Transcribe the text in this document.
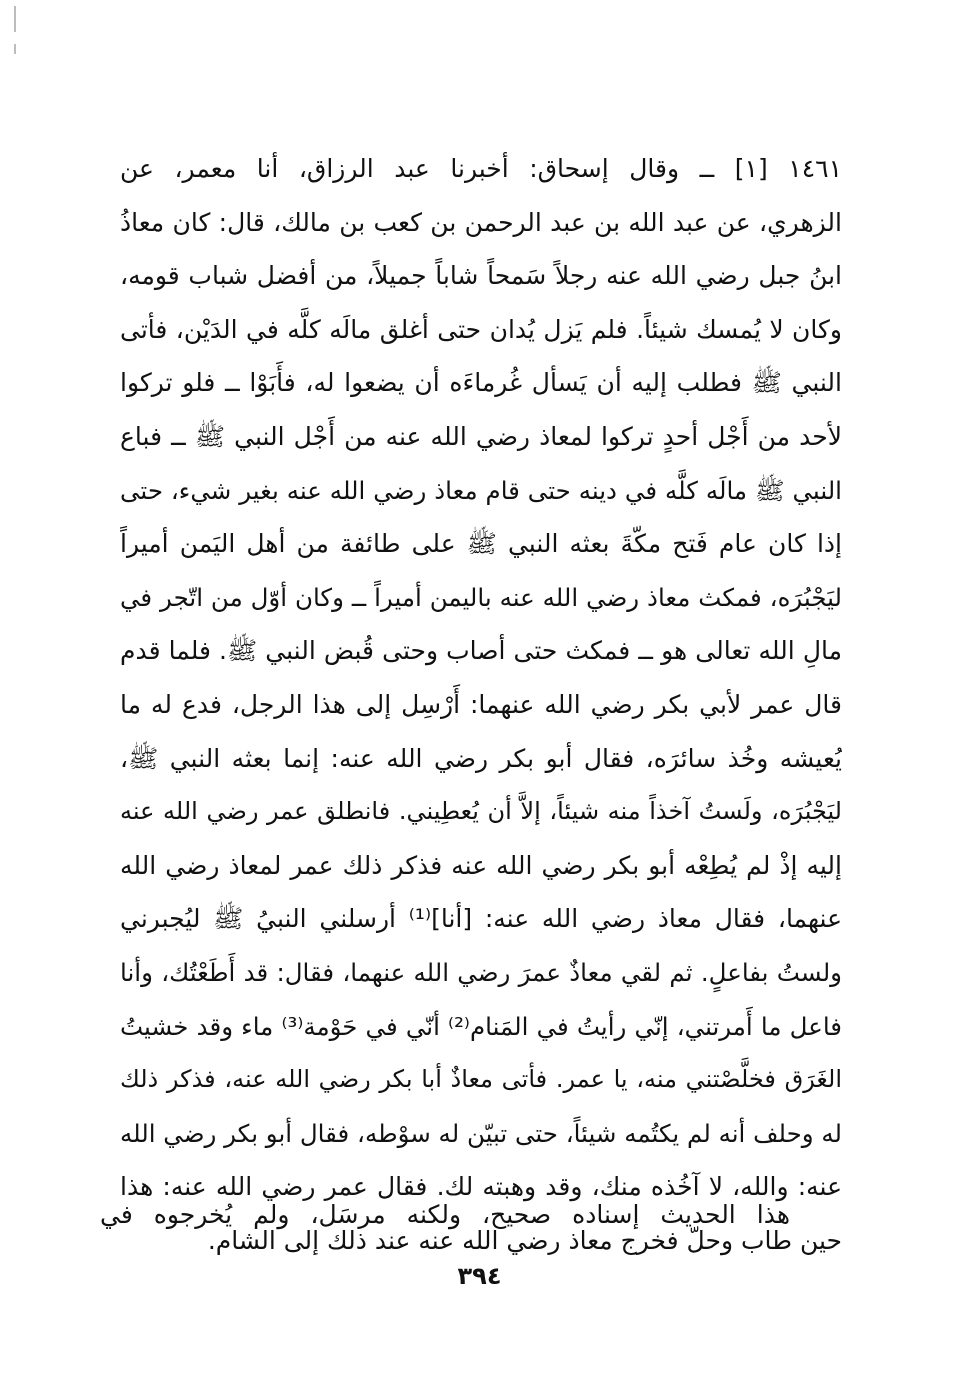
١٤٦١ [١] ــ وقال إسحاق: أخبرنا عبد الرزاق، أنا معمر، عن
الزهري، عن عبد الله بن عبد الرحمن بن كعب بن مالك، قال: كان معاذُ
ابنُ جبل رضي الله عنه رجلاً سَمحاً شاباً جميلاً، من أفضل شباب قومه،
وكان لا يُمسك شيئاً. فلم يَزل يُدان حتى أغلق مالَه كلَّه في الدَيْن، فأتى
النبي ﷺ فطلب إليه أن يَسأل غُرماءَه أن يضعوا له، فأَبَوْا ــ فلو تركوا
لأحد من أَجْل أحدٍ تركوا لمعاذ رضي الله عنه من أَجْل النبي ﷺ ــ فباع
النبي ﷺ مالَه كلَّه في دينه حتى قام معاذ رضي الله عنه بغير شيء، حتى
إذا كان عام فَتح مكّةَ بعثه النبي ﷺ على طائفة من أهل اليَمن أميراً
ليَجْبُرَه، فمكث معاذ رضي الله عنه باليمن أميراً ــ وكان أوّل من اتّجر في
مالِ الله تعالى هو ــ فمكث حتى أصاب وحتى قُبض النبي ﷺ. فلما قدم
قال عمر لأبي بكر رضي الله عنهما: أَرْسِل إلى هذا الرجل، فدع له ما
يُعيشه وخُذ سائرَه، فقال أبو بكر رضي الله عنه: إنما بعثه النبي ﷺ،
ليَجْبُرَه، ولَستُ آخذاً منه شيئاً، إلاَّ أن يُعطِيني. فانطلق عمر رضي الله عنه
إليه إذْ لم يُطِعْه أبو بكر رضي الله عنه فذكر ذلك عمر لمعاذ رضي الله
عنهما، فقال معاذ رضي الله عنه: [أنا]⁽¹⁾ أرسلني النبيُ ﷺ ليُجبرني
ولستُ بفاعلٍ. ثم لقي معاذٌ عمرَ رضي الله عنهما، فقال: قد أَطَعْتُك، وأنا
فاعل ما أَمرتني، إنّي رأيتُ في المَنام⁽²⁾ أنّي في حَوْمة⁽³⁾ ماء وقد خشيتُ
الغَرَق فخلَّصْتني منه، يا عمر. فأتى معاذٌ أبا بكر رضي الله عنه، فذكر ذلك
له وحلف أنه لم يكتُمه شيئاً، حتى تبيّن له سوْطه، فقال أبو بكر رضي الله
عنه: والله، لا آخُذه منك، وقد وهبته لك. فقال عمر رضي الله عنه: هذا
حين طاب وحلّ فخرج معاذ رضي الله عنه عند ذلك إلى الشام.
هذا الحديث إسناده صحيح، ولكنه مرسَل، ولم يُخرجوه في
٣٩٤
